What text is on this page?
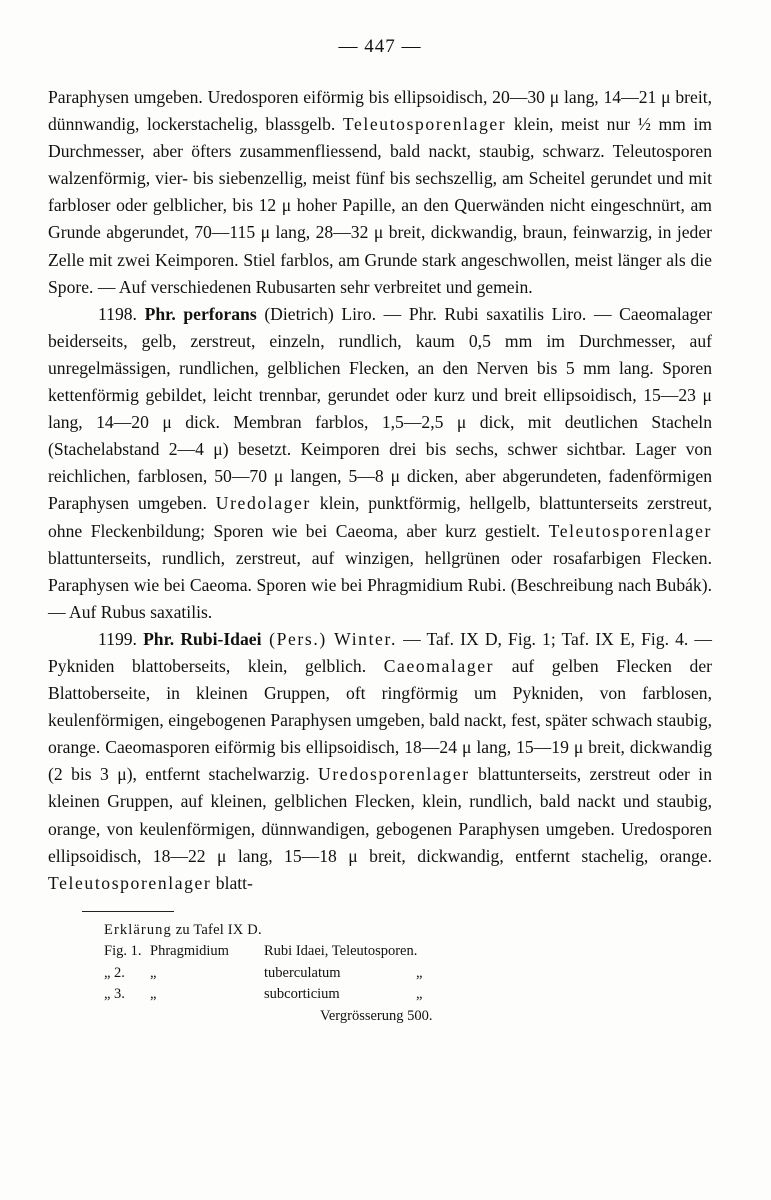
— 447 —

Paraphysen umgeben. Uredosporen eiförmig bis ellipsoidisch, 20—30 μ lang, 14—21 μ breit, dünnwandig, lockerstachelig, blassgelb. Teleutosporenlager klein, meist nur ½ mm im Durchmesser, aber öfters zusammenfliessend, bald nackt, staubig, schwarz. Teleutosporen walzenförmig, vier- bis siebenzellig, meist fünf bis sechszellig, am Scheitel gerundet und mit farbloser oder gelblicher, bis 12 μ hoher Papille, an den Querwänden nicht eingeschnürt, am Grunde abgerundet, 70—115 μ lang, 28—32 μ breit, dickwandig, braun, feinwarzig, in jeder Zelle mit zwei Keimporen. Stiel farblos, am Grunde stark angeschwollen, meist länger als die Spore. — Auf verschiedenen Rubusarten sehr verbreitet und gemein.

1198. Phr. perforans (Dietrich) Liro. — Phr. Rubi saxatilis Liro. — Caeomalager beiderseits, gelb, zerstreut, einzeln, rundlich, kaum 0,5 mm im Durchmesser, auf unregelmässigen, rundlichen, gelblichen Flecken, an den Nerven bis 5 mm lang. Sporen kettenförmig gebildet, leicht trennbar, gerundet oder kurz und breit ellipsoidisch, 15—23 μ lang, 14—20 μ dick. Membran farblos, 1,5—2,5 μ dick, mit deutlichen Stacheln (Stachelabstand 2—4 μ) besetzt. Keimporen drei bis sechs, schwer sichtbar. Lager von reichlichen, farblosen, 50—70 μ langen, 5—8 μ dicken, aber abgerundeten, fadenförmigen Paraphysen umgeben. Uredolager klein, punktförmig, hellgelb, blattunterseits zerstreut, ohne Fleckenbildung; Sporen wie bei Caeoma, aber kurz gestielt. Teleutosporenlager blattunterseits, rundlich, zerstreut, auf winzigen, hellgrünen oder rosafarbigen Flecken. Paraphysen wie bei Caeoma. Sporen wie bei Phragmidium Rubi. (Beschreibung nach Bubák). — Auf Rubus saxatilis.

1199. Phr. Rubi-Idaei (Pers.) Winter. — Taf. IX D, Fig. 1; Taf. IX E, Fig. 4. — Pykniden blattoberseits, klein, gelblich. Caeomalager auf gelben Flecken der Blattoberseite, in kleinen Gruppen, oft ringförmig um Pykniden, von farblosen, keulenförmigen, eingebogenen Paraphysen umgeben, bald nackt, fest, später schwach staubig, orange. Caeomasporen eiförmig bis ellipsoidisch, 18—24 μ lang, 15—19 μ breit, dickwandig (2 bis 3 μ), entfernt stachelwarzig. Uredosporenlager blattunterseits, zerstreut oder in kleinen Gruppen, auf kleinen, gelblichen Flecken, klein, rundlich, bald nackt und staubig, orange, von keulenförmigen, dünnwandigen, gebogenen Paraphysen umgeben. Uredosporen ellipsoidisch, 18—22 μ lang, 15—18 μ breit, dickwandig, entfernt stachelig, orange. Teleutosporenlager blatt-

Erklärung zu Tafel IX D.
Fig. 1. Phragmidium	Rubi Idaei, Teleutosporen.
„ 2.	„	tuberculatum	„
„ 3.	„	subcorticium	„
Vergrösserung 500.
